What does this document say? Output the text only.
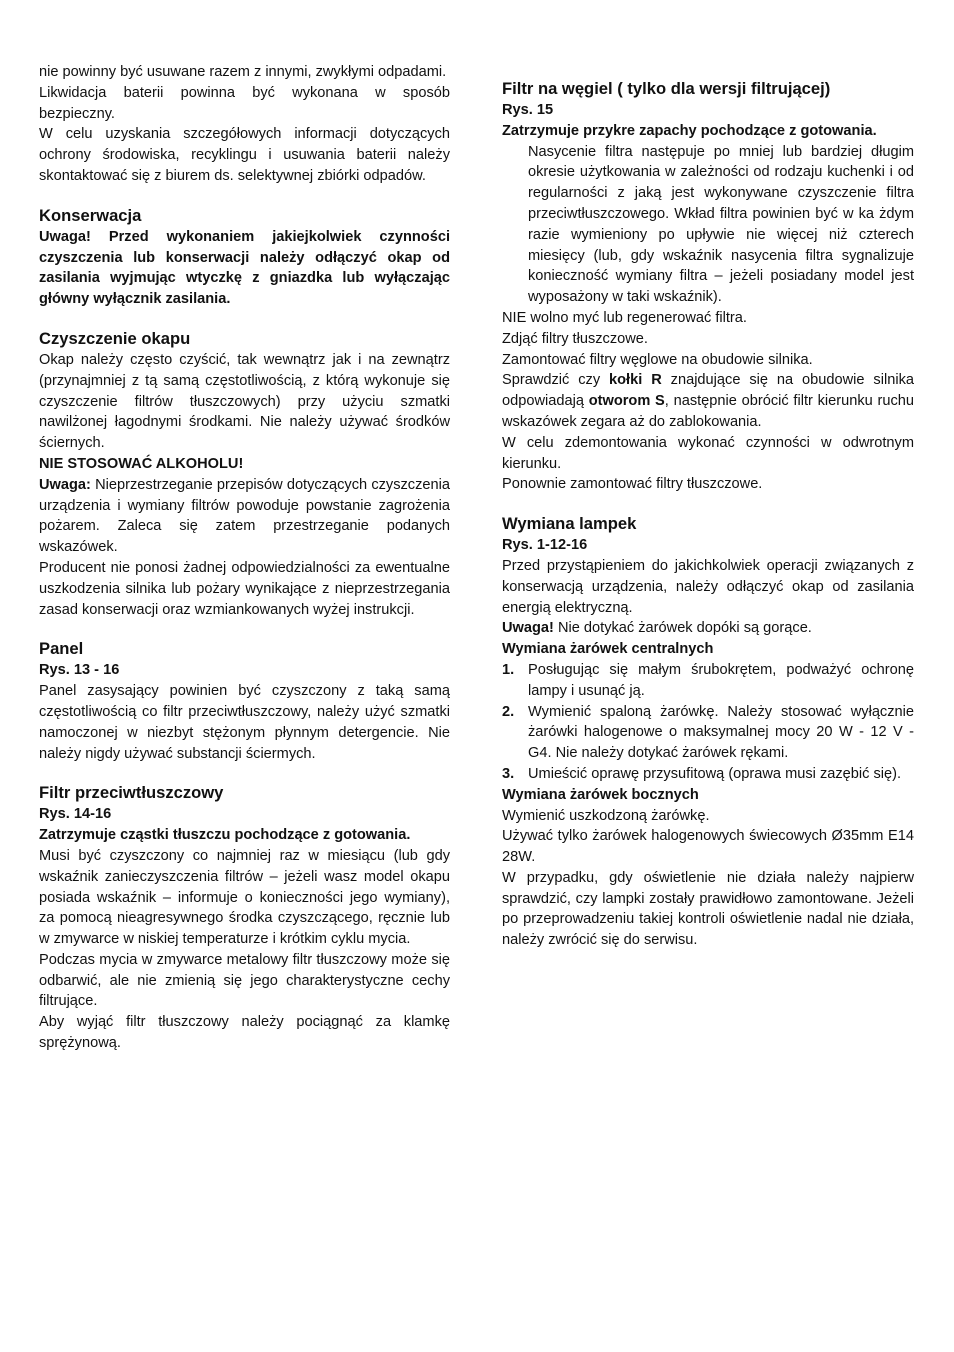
nie powinny być usuwane razem z innymi, zwykłymi odpadami.

Likwidacja baterii powinna być wykonana w sposób bezpieczny.

W celu uzyskania szczegółowych informacji dotyczących ochrony środowiska, recyklingu i usuwania baterii należy skontaktować się z biurem ds. selektywnej zbiórki odpadów.

Konserwacja

Uwaga! Przed wykonaniem jakiejkolwiek czynności czyszczenia lub konserwacji należy odłączyć okap od zasilania wyjmując wtyczkę z gniazdka lub wyłączając główny wyłącznik zasilania.

Czyszczenie okapu

Okap należy często czyścić, tak wewnątrz jak i na zewnątrz (przynajmniej z tą samą częstotliwością, z którą wykonuje się czyszczenie filtrów tłuszczowych) przy użyciu szmatki nawilżonej łagodnymi środkami. Nie należy używać środków ściernych.

NIE STOSOWAĆ ALKOHOLU!

Uwaga: Nieprzestrzeganie przepisów dotyczących czyszczenia urządzenia i wymiany filtrów powoduje powstanie zagrożenia pożarem. Zaleca się zatem przestrzeganie podanych wskazówek.

Producent nie ponosi żadnej odpowiedzialności za ewentualne uszkodzenia silnika lub pożary wynikające z nieprzestrzegania zasad konserwacji oraz wzmiankowanych wyżej instrukcji.

Panel

Rys. 13 - 16

Panel zasysający powinien być czyszczony z taką samą częstotliwością co filtr przeciwtłuszczowy, należy użyć szmatki namoczonej w niezbyt stężonym płynnym detergencie. Nie należy nigdy używać substancji ściermych.

Filtr przeciwtłuszczowy

Rys. 14-16

Zatrzymuje cząstki tłuszczu pochodzące z gotowania.

Musi być czyszczony co najmniej raz w miesiącu (lub gdy wskaźnik zanieczyszczenia filtrów – jeżeli wasz model okapu posiada wskaźnik – informuje o konieczności jego wymiany), za pomocą nieagresywnego środka czyszczącego, ręcznie lub w zmywarce w niskiej temperaturze i krótkim cyklu mycia.

Podczas mycia w zmywarce metalowy filtr tłuszczowy może się odbarwić, ale nie zmienią się jego charakterystyczne cechy filtrujące.

Aby wyjąć filtr tłuszczowy należy pociągnąć za klamkę sprężynową.

Filtr na węgiel ( tylko dla wersji filtrującej)

Rys. 15

Zatrzymuje przykre zapachy pochodzące z gotowania.

Nasycenie filtra następuje po mniej lub bardziej długim okresie użytkowania w zależności od rodzaju kuchenki i od regularności z jaką jest wykonywane czyszczenie filtra przeciwtłuszczowego. Wkład filtra powinien być w ka żdym razie wymieniony po upływie nie więcej niż czterech miesięcy (lub, gdy wskaźnik nasycenia filtra sygnalizuje konieczność wymiany filtra – jeżeli posiadany model jest wyposażony w taki wskaźnik).

NIE wolno myć lub regenerować filtra.

Zdjąć filtry tłuszczowe.

Zamontować filtry węglowe na obudowie silnika.

Sprawdzić czy kołki R znajdujące się na obudowie silnika odpowiadają otworom S, następnie obrócić filtr kierunku ruchu wskazówek zegara aż do zablokowania.

W celu zdemontowania wykonać czynności w odwrotnym kierunku.

Ponownie zamontować filtry tłuszczowe.

Wymiana lampek

Rys. 1-12-16

Przed przystąpieniem do jakichkolwiek operacji związanych z konserwacją urządzenia, należy odłączyć okap od zasilania energią elektryczną.

Uwaga! Nie dotykać żarówek dopóki są gorące.

Wymiana żarówek centralnych

1. Posługując się małym śrubokrętem, podważyć ochronę lampy i usunąć ją.
2. Wymienić spaloną żarówkę. Należy stosować wyłącznie żarówki halogenowe o maksymalnej mocy 20 W - 12 V - G4. Nie należy dotykać żarówek rękami.
3. Umieścić oprawę przysufitową (oprawa musi zazębić się).

Wymiana żarówek bocznych

Wymienić uszkodzoną żarówkę.

Używać tylko żarówek halogenowych świecowych Ø35mm E14 28W.

W przypadku, gdy oświetlenie nie działa należy najpierw sprawdzić, czy lampki zostały prawidłowo zamontowane. Jeżeli po przeprowadzeniu takiej kontroli oświetlenie nadal nie działa, należy zwrócić się do serwisu.
